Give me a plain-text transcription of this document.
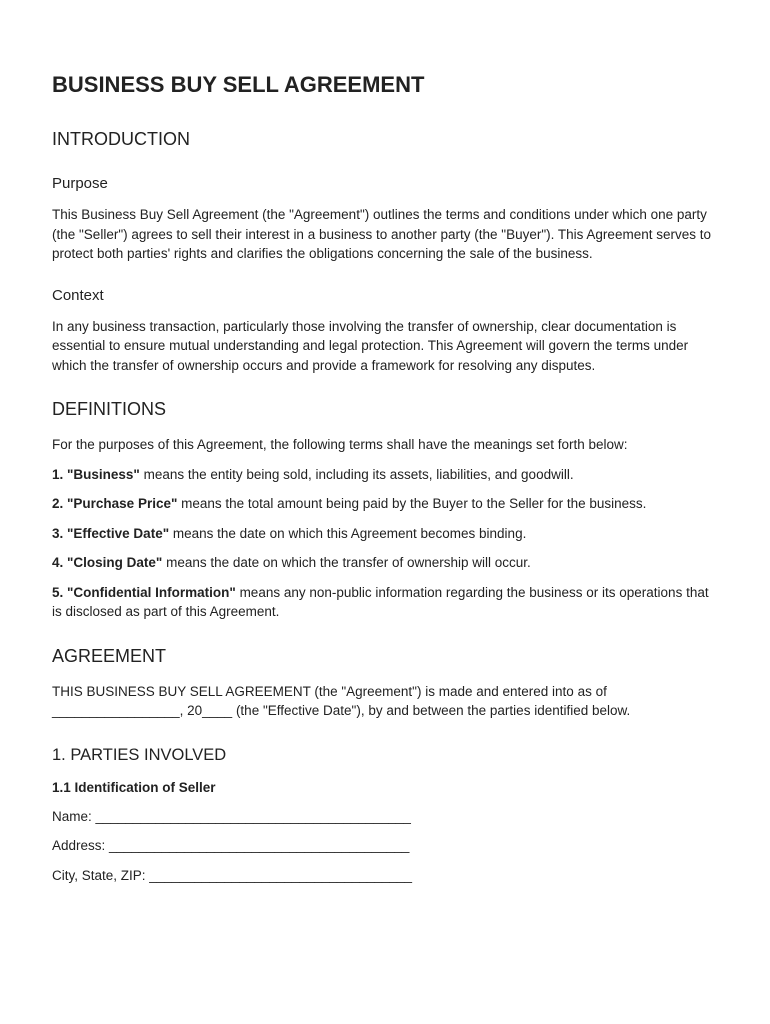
BUSINESS BUY SELL AGREEMENT
INTRODUCTION
Purpose

This Business Buy Sell Agreement (the "Agreement") outlines the terms and conditions under which one party (the "Seller") agrees to sell their interest in a business to another party (the "Buyer"). This Agreement serves to protect both parties' rights and clarifies the obligations concerning the sale of the business.

Context

In any business transaction, particularly those involving the transfer of ownership, clear documentation is essential to ensure mutual understanding and legal protection. This Agreement will govern the terms under which the transfer of ownership occurs and provide a framework for resolving any disputes.

DEFINITIONS

For the purposes of this Agreement, the following terms shall have the meanings set forth below:

1. "Business" means the entity being sold, including its assets, liabilities, and goodwill.

2. "Purchase Price" means the total amount being paid by the Buyer to the Seller for the business.

3. "Effective Date" means the date on which this Agreement becomes binding.

4. "Closing Date" means the date on which the transfer of ownership will occur.

5. "Confidential Information" means any non-public information regarding the business or its operations that is disclosed as part of this Agreement.

AGREEMENT

THIS BUSINESS BUY SELL AGREEMENT (the "Agreement") is made and entered into as of _________________, 20____ (the "Effective Date"), by and between the parties identified below.

1. PARTIES INVOLVED

1.1 Identification of Seller

Name: __________________________________________

Address: ________________________________________

City, State, ZIP: ___________________________________
